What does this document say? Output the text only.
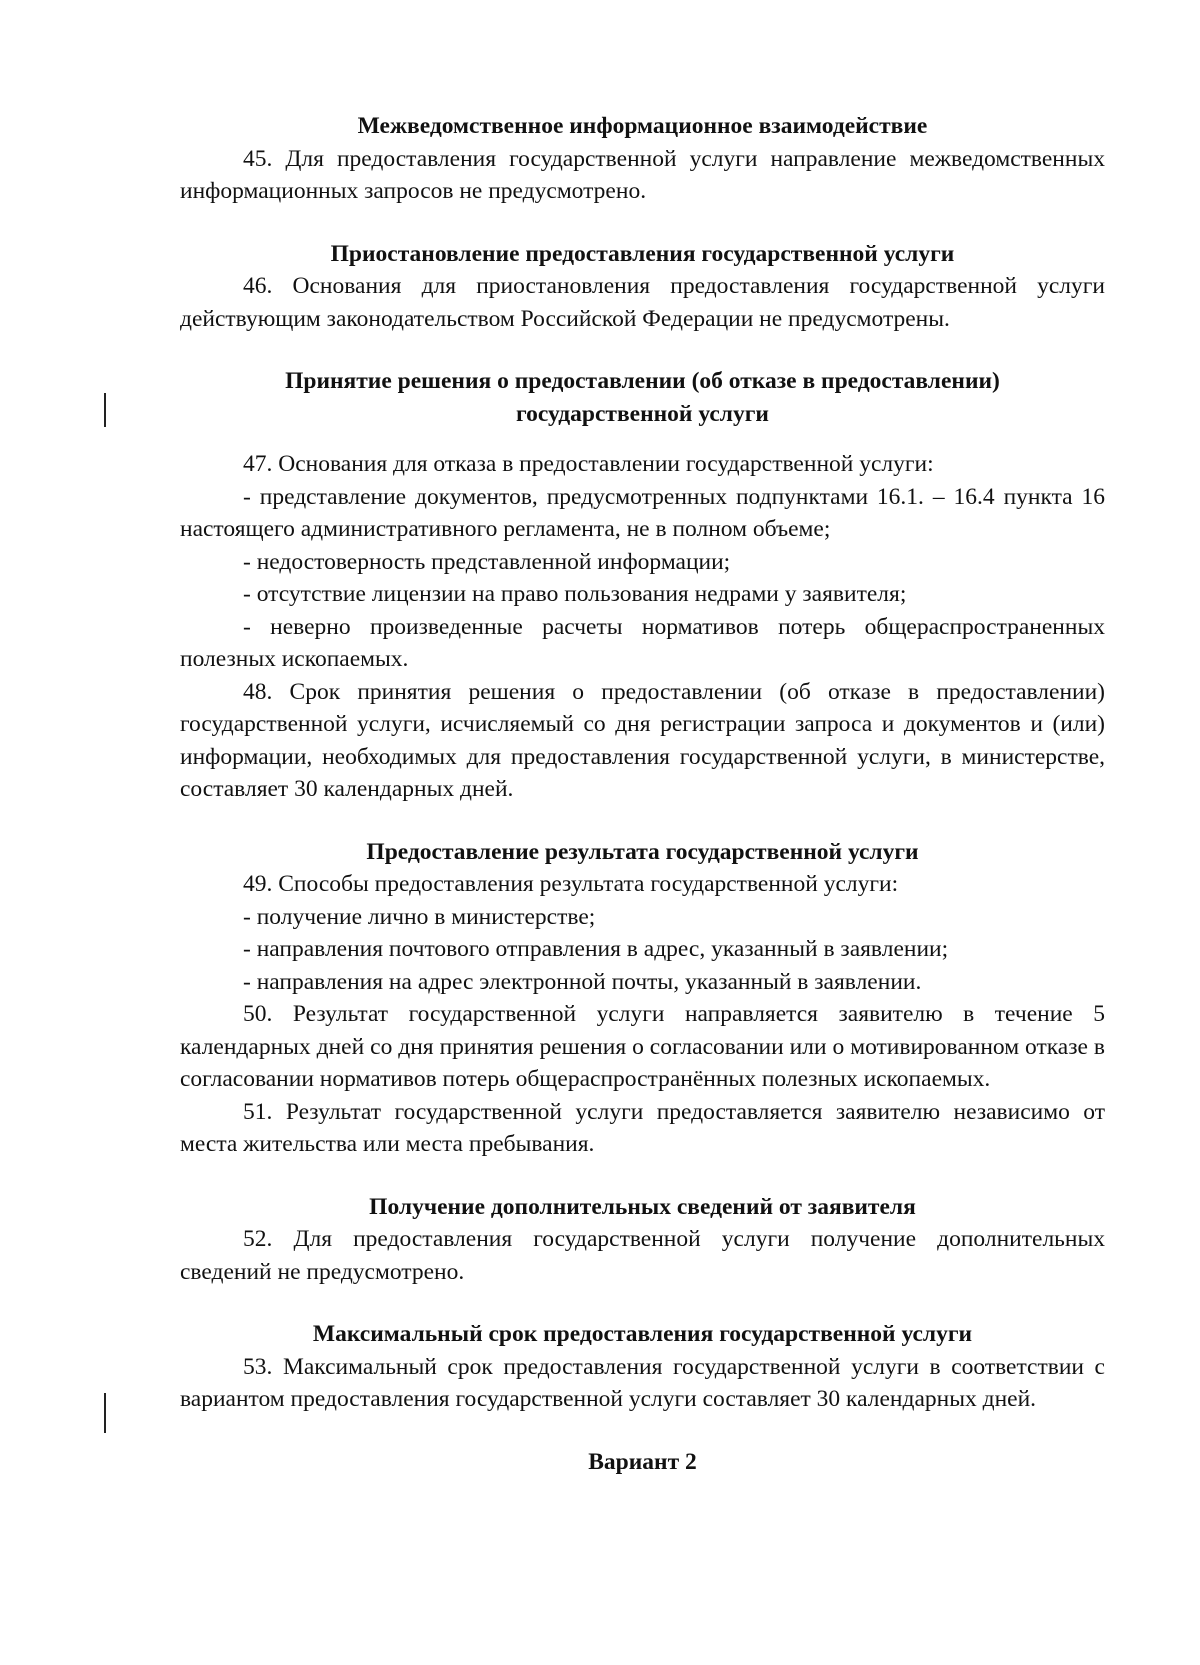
Межведомственное информационное взаимодействие

45. Для предоставления государственной услуги направление межведомственных информационных запросов не предусмотрено.

Приостановление предоставления государственной услуги

46. Основания для приостановления предоставления государственной услуги действующим законодательством Российской Федерации не предусмотрены.

Принятие решения о предоставлении (об отказе в предоставлении)

государственной услуги

47. Основания для отказа в предоставлении государственной услуги:

- представление документов, предусмотренных подпунктами 16.1. – 16.4 пункта 16 настоящего административного регламента, не в полном объеме;

- недостоверность представленной информации;

- отсутствие лицензии на право пользования недрами у заявителя;

- неверно произведенные расчеты нормативов потерь общераспространенных полезных ископаемых.

48. Срок принятия решения о предоставлении (об отказе в предоставлении) государственной услуги, исчисляемый со дня регистрации запроса и документов и (или) информации, необходимых для предоставления государственной услуги, в министерстве, составляет 30 календарных дней.

Предоставление результата государственной услуги

49. Способы предоставления результата государственной услуги:

- получение лично в министерстве;

- направления почтового отправления в адрес, указанный в заявлении;

- направления на адрес электронной почты, указанный в заявлении.

50. Результат государственной услуги направляется заявителю в течение 5 календарных дней со дня принятия решения о согласовании или о мотивированном отказе в согласовании нормативов потерь общераспространённых полезных ископаемых.

51. Результат государственной услуги предоставляется заявителю независимо от места жительства или места пребывания.

Получение дополнительных сведений от заявителя

52. Для предоставления государственной услуги получение дополнительных сведений не предусмотрено.

Максимальный срок предоставления государственной услуги

53. Максимальный срок предоставления государственной услуги в соответствии с вариантом предоставления государственной услуги составляет 30 календарных дней.

Вариант 2
